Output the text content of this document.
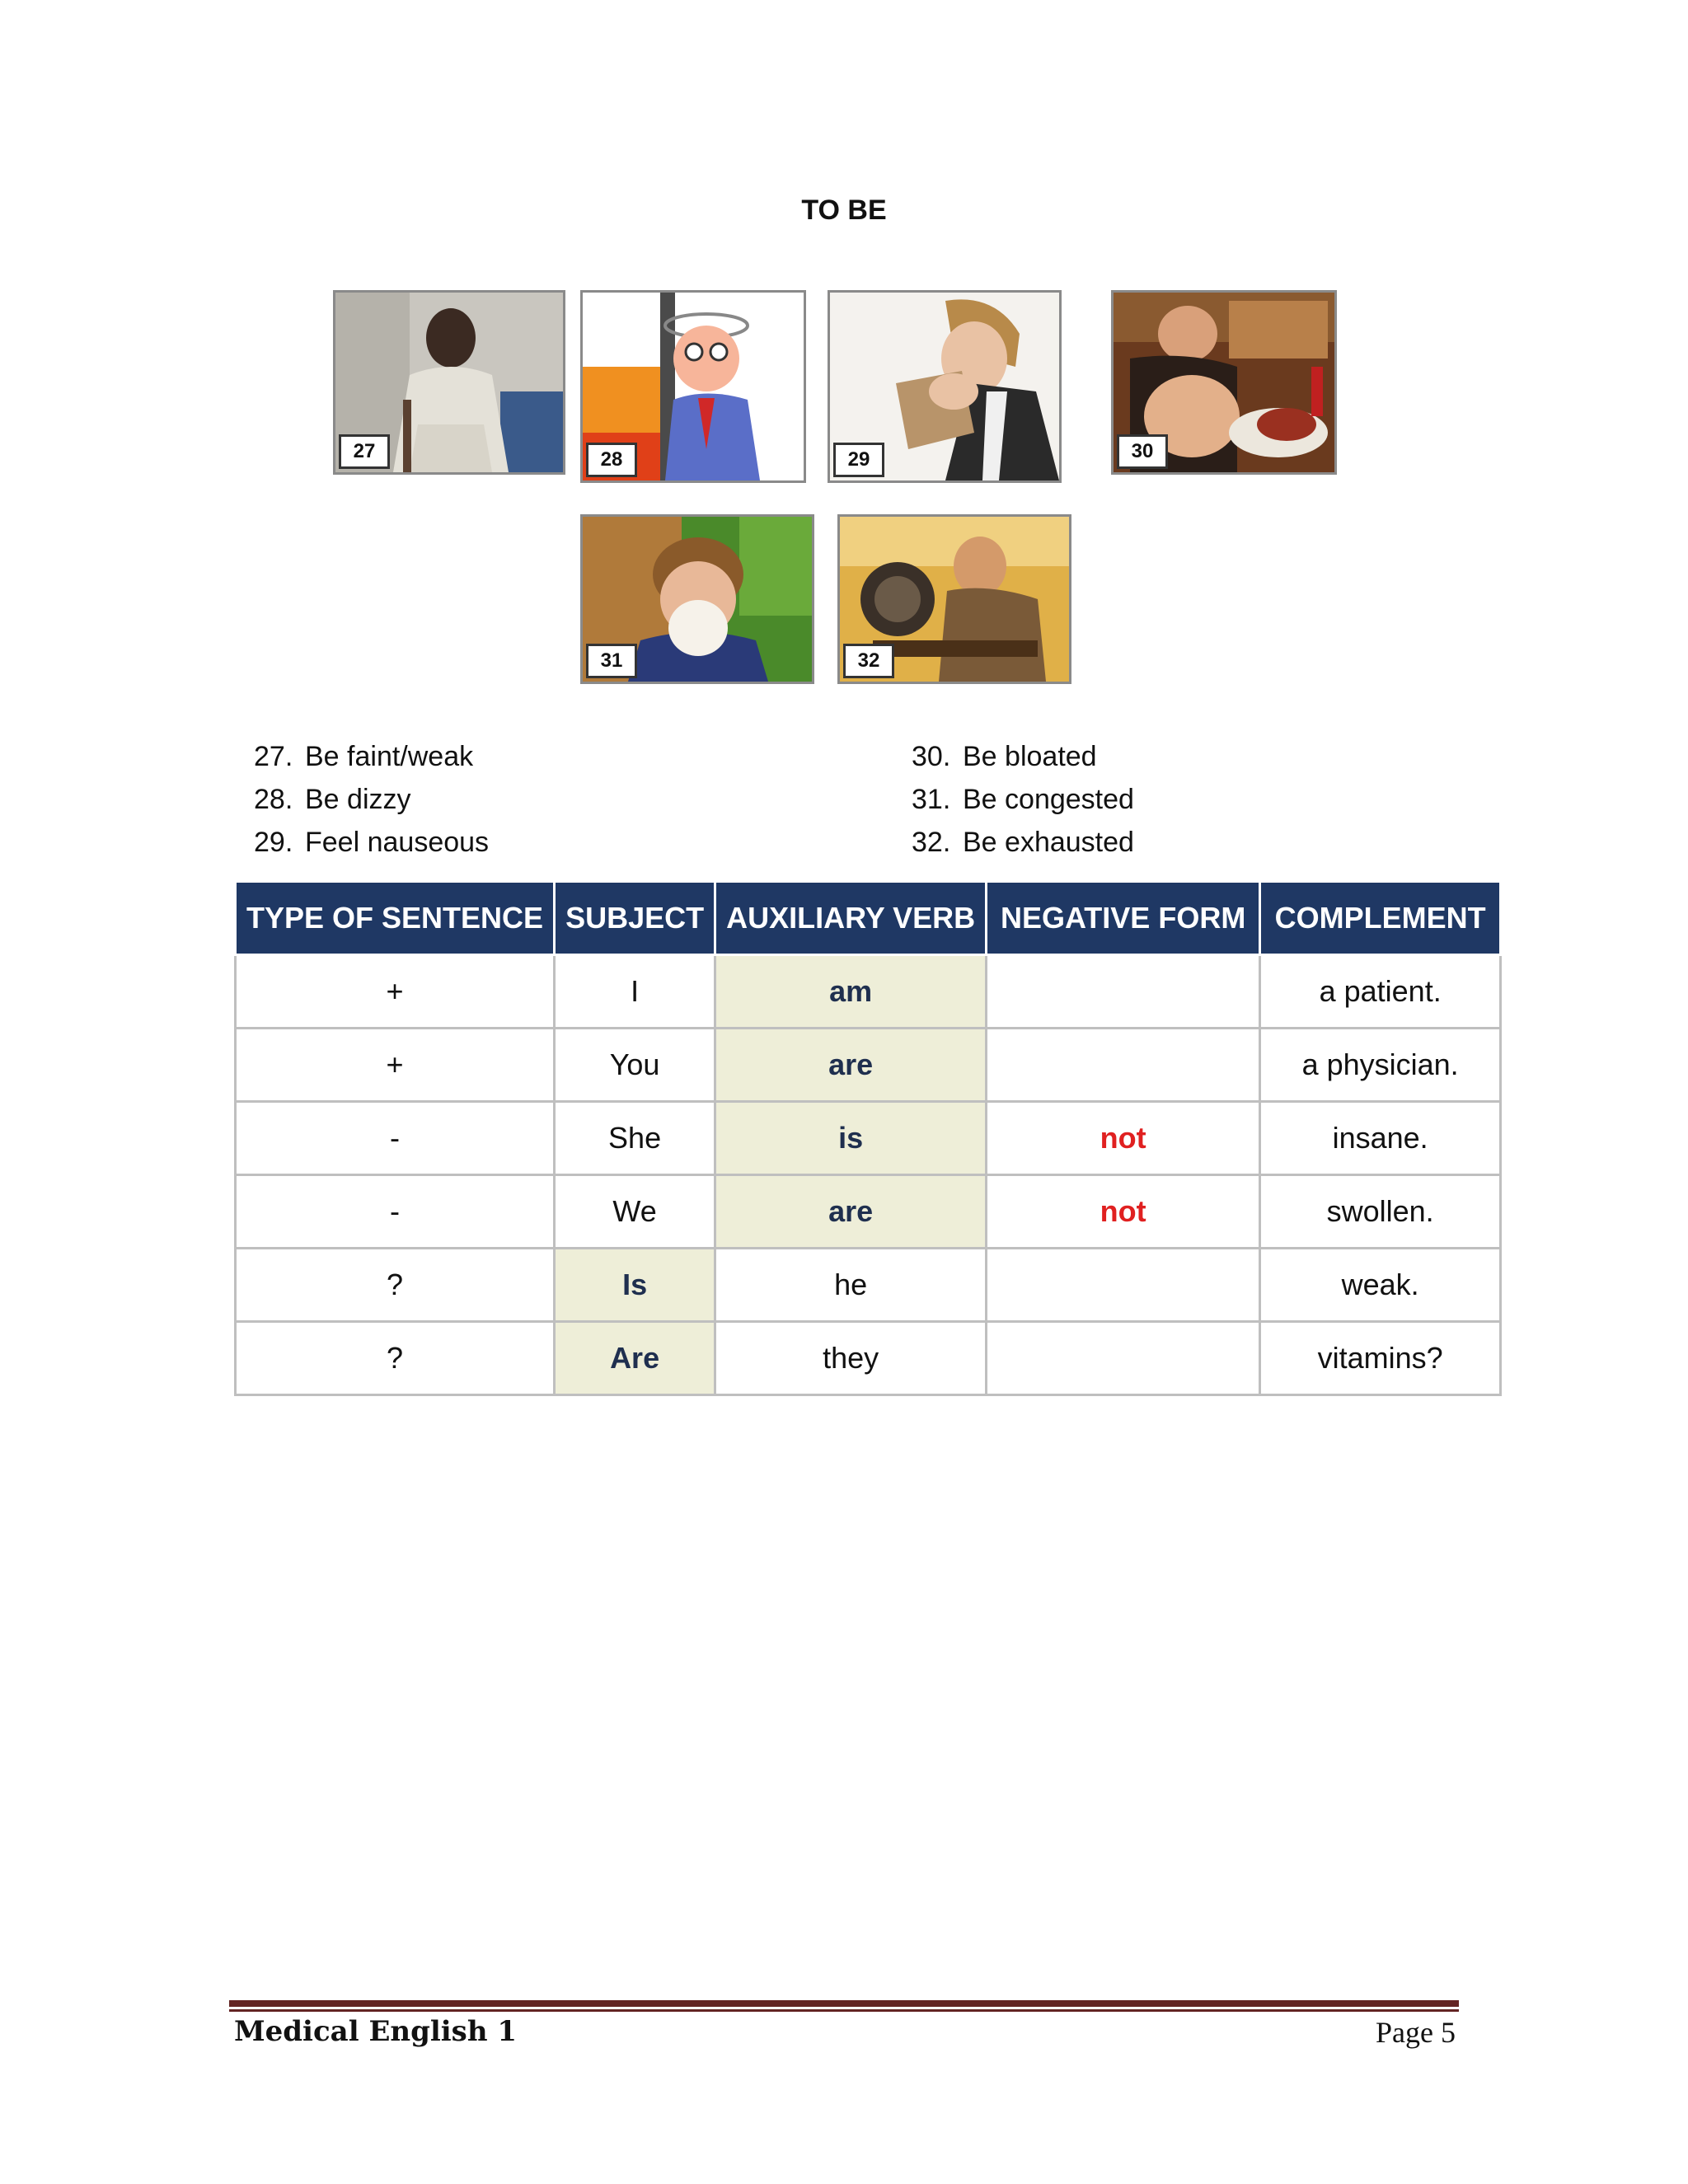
TO BE
27	28	29	30
31	32
27. Be faint/weak
28. Be dizzy
29. Feel nauseous
30. Be bloated
31. Be congested
32. Be exhausted
TYPE OF SENTENCE	SUBJECT	AUXILIARY VERB	NEGATIVE FORM	COMPLEMENT
+	I	am		a patient.
+	You	are		a physician.
-	She	is	not	insane.
-	We	are	not	swollen.
?	Is	he		weak.
?	Are	they		vitamins?
Medical English 1	Page 5
